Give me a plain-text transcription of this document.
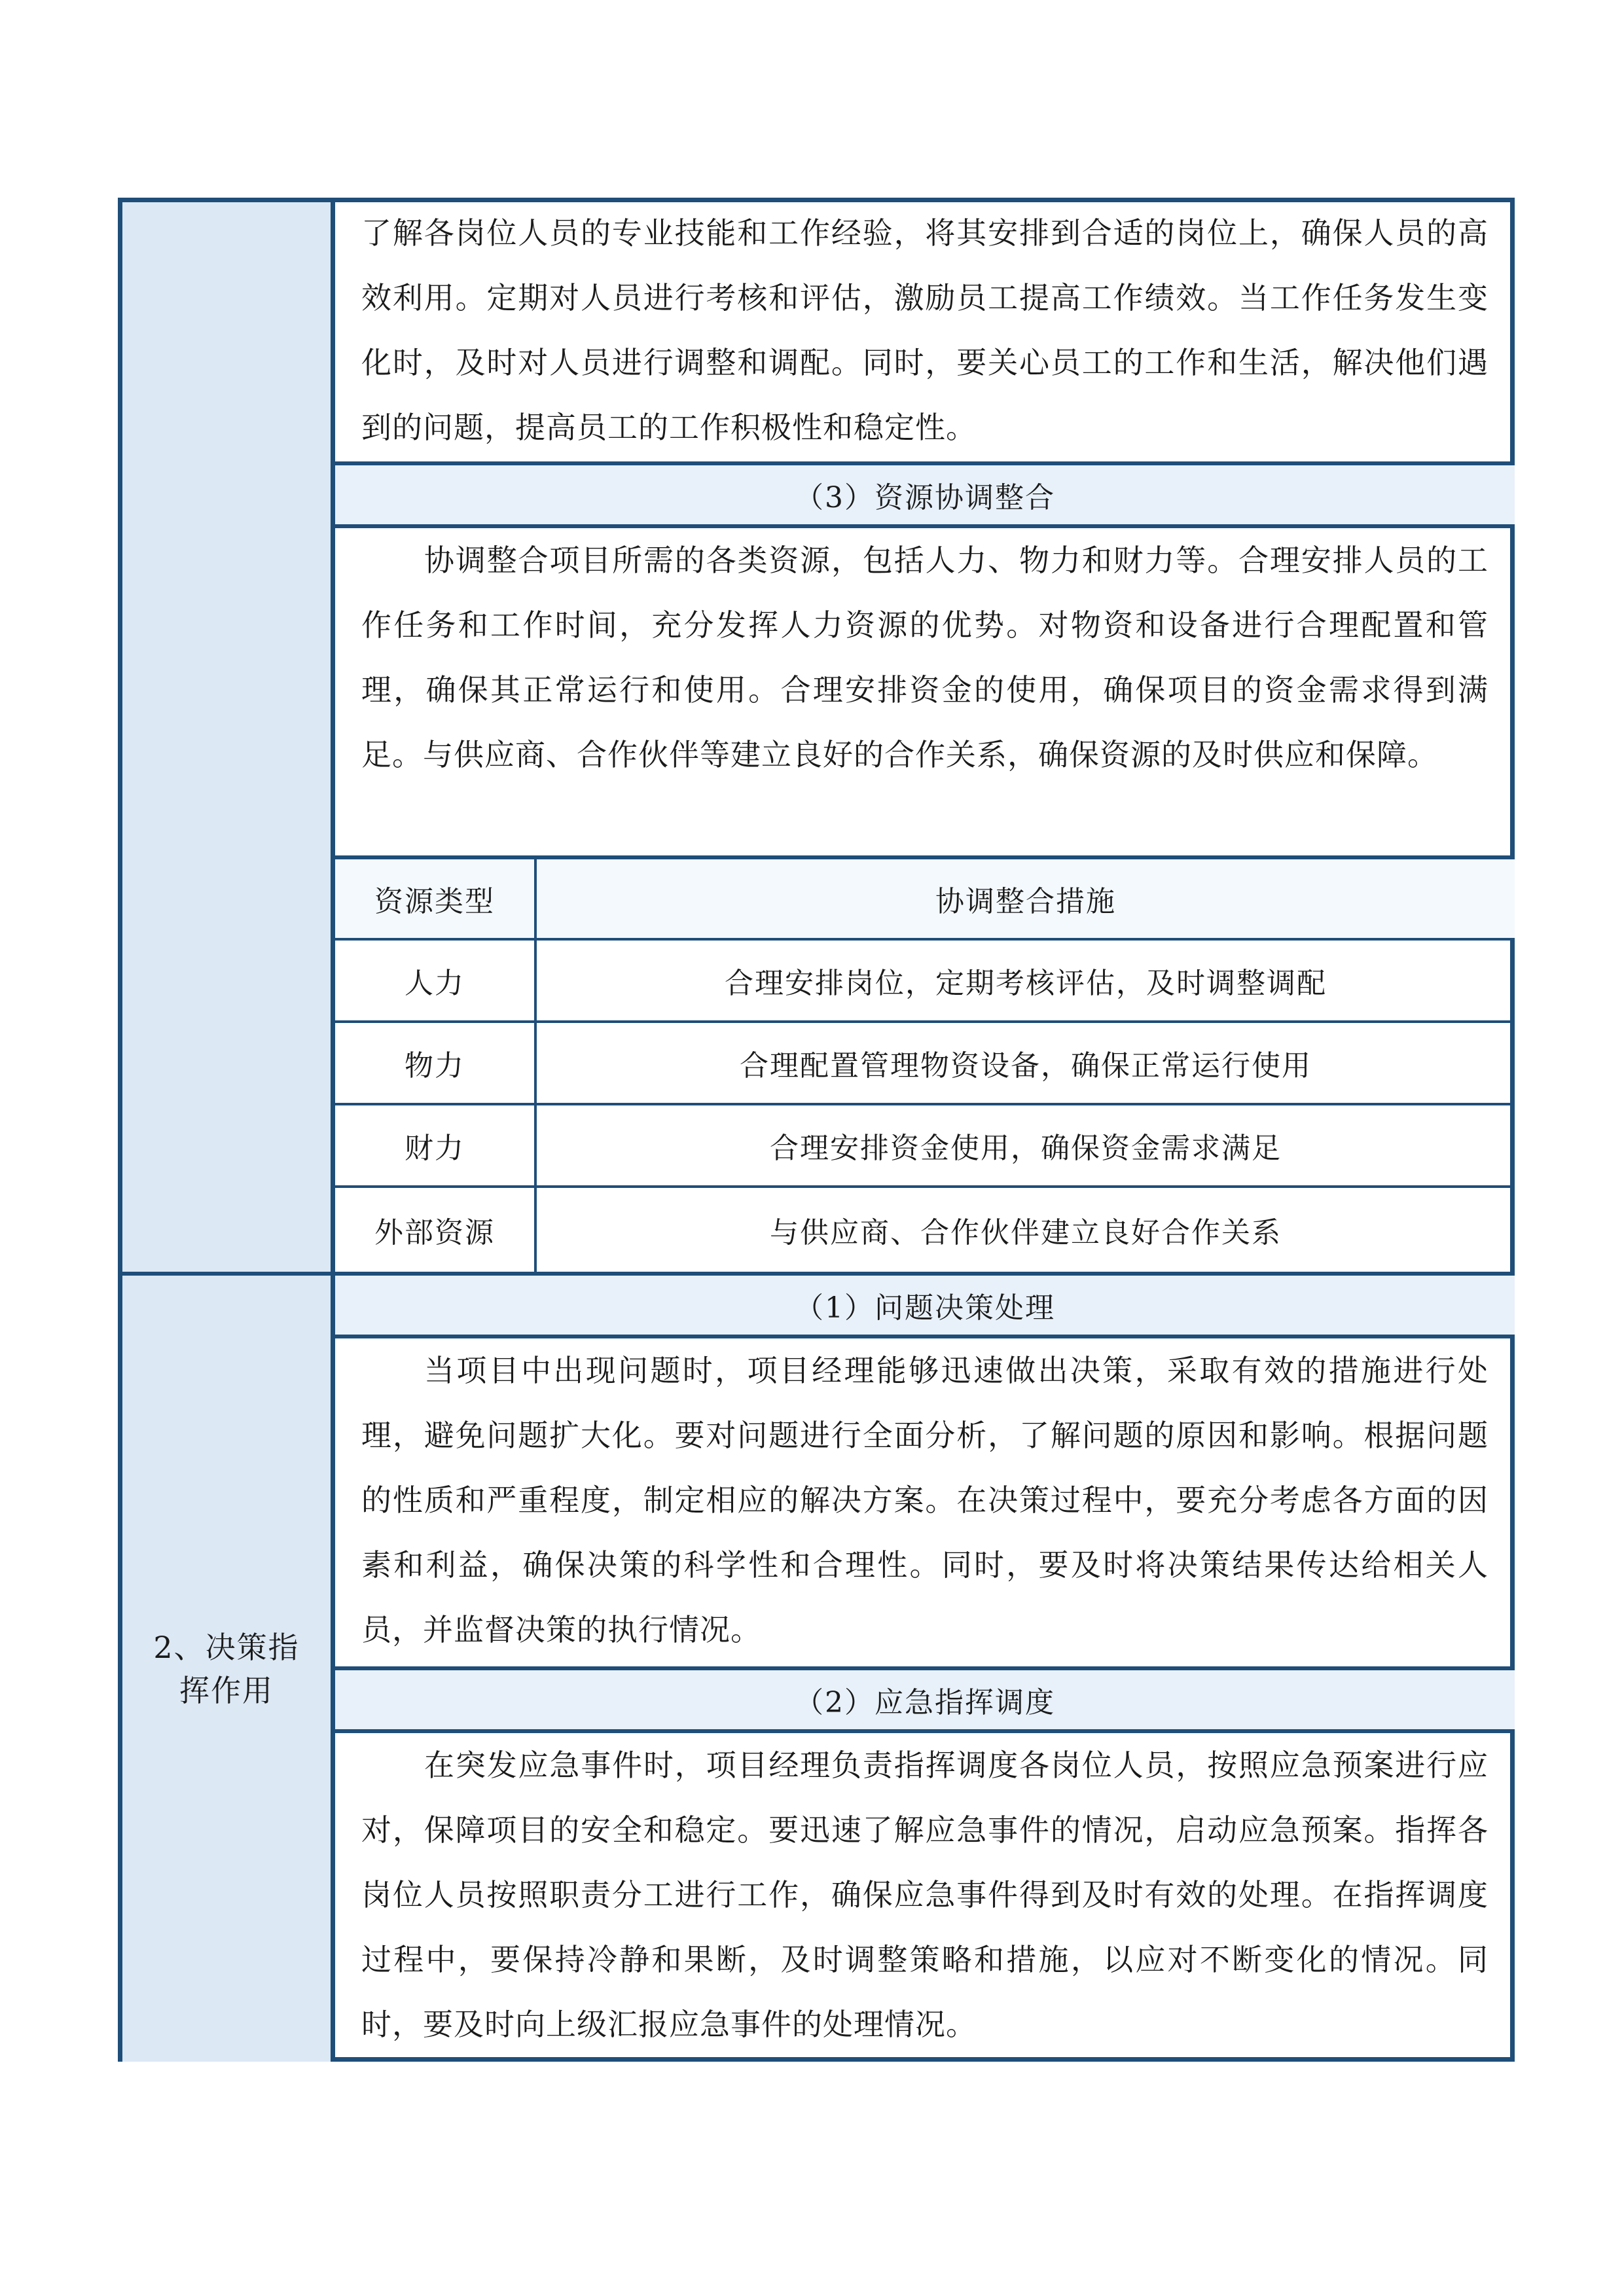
2、决策指挥作用
了解各岗位人员的专业技能和工作经验，将其安排到合适的岗位上，确保人员的高效利用。定期对人员进行考核和评估，激励员工提高工作绩效。当工作任务发生变化时，及时对人员进行调整和调配。同时，要关心员工的工作和生活，解决他们遇到的问题，提高员工的工作积极性和稳定性。
（3）资源协调整合
协调整合项目所需的各类资源，包括人力、物力和财力等。合理安排人员的工作任务和工作时间，充分发挥人力资源的优势。对物资和设备进行合理配置和管理，确保其正常运行和使用。合理安排资金的使用，确保项目的资金需求得到满足。与供应商、合作伙伴等建立良好的合作关系，确保资源的及时供应和保障。
资源类型	协调整合措施
人力	合理安排岗位，定期考核评估，及时调整调配
物力	合理配置管理物资设备，确保正常运行使用
财力	合理安排资金使用，确保资金需求满足
外部资源	与供应商、合作伙伴建立良好合作关系
（1）问题决策处理
当项目中出现问题时，项目经理能够迅速做出决策，采取有效的措施进行处理，避免问题扩大化。要对问题进行全面分析，了解问题的原因和影响。根据问题的性质和严重程度，制定相应的解决方案。在决策过程中，要充分考虑各方面的因素和利益，确保决策的科学性和合理性。同时，要及时将决策结果传达给相关人员，并监督决策的执行情况。
（2）应急指挥调度
在突发应急事件时，项目经理负责指挥调度各岗位人员，按照应急预案进行应对，保障项目的安全和稳定。要迅速了解应急事件的情况，启动应急预案。指挥各岗位人员按照职责分工进行工作，确保应急事件得到及时有效的处理。在指挥调度过程中，要保持冷静和果断，及时调整策略和措施，以应对不断变化的情况。同时，要及时向上级汇报应急事件的处理情况。
